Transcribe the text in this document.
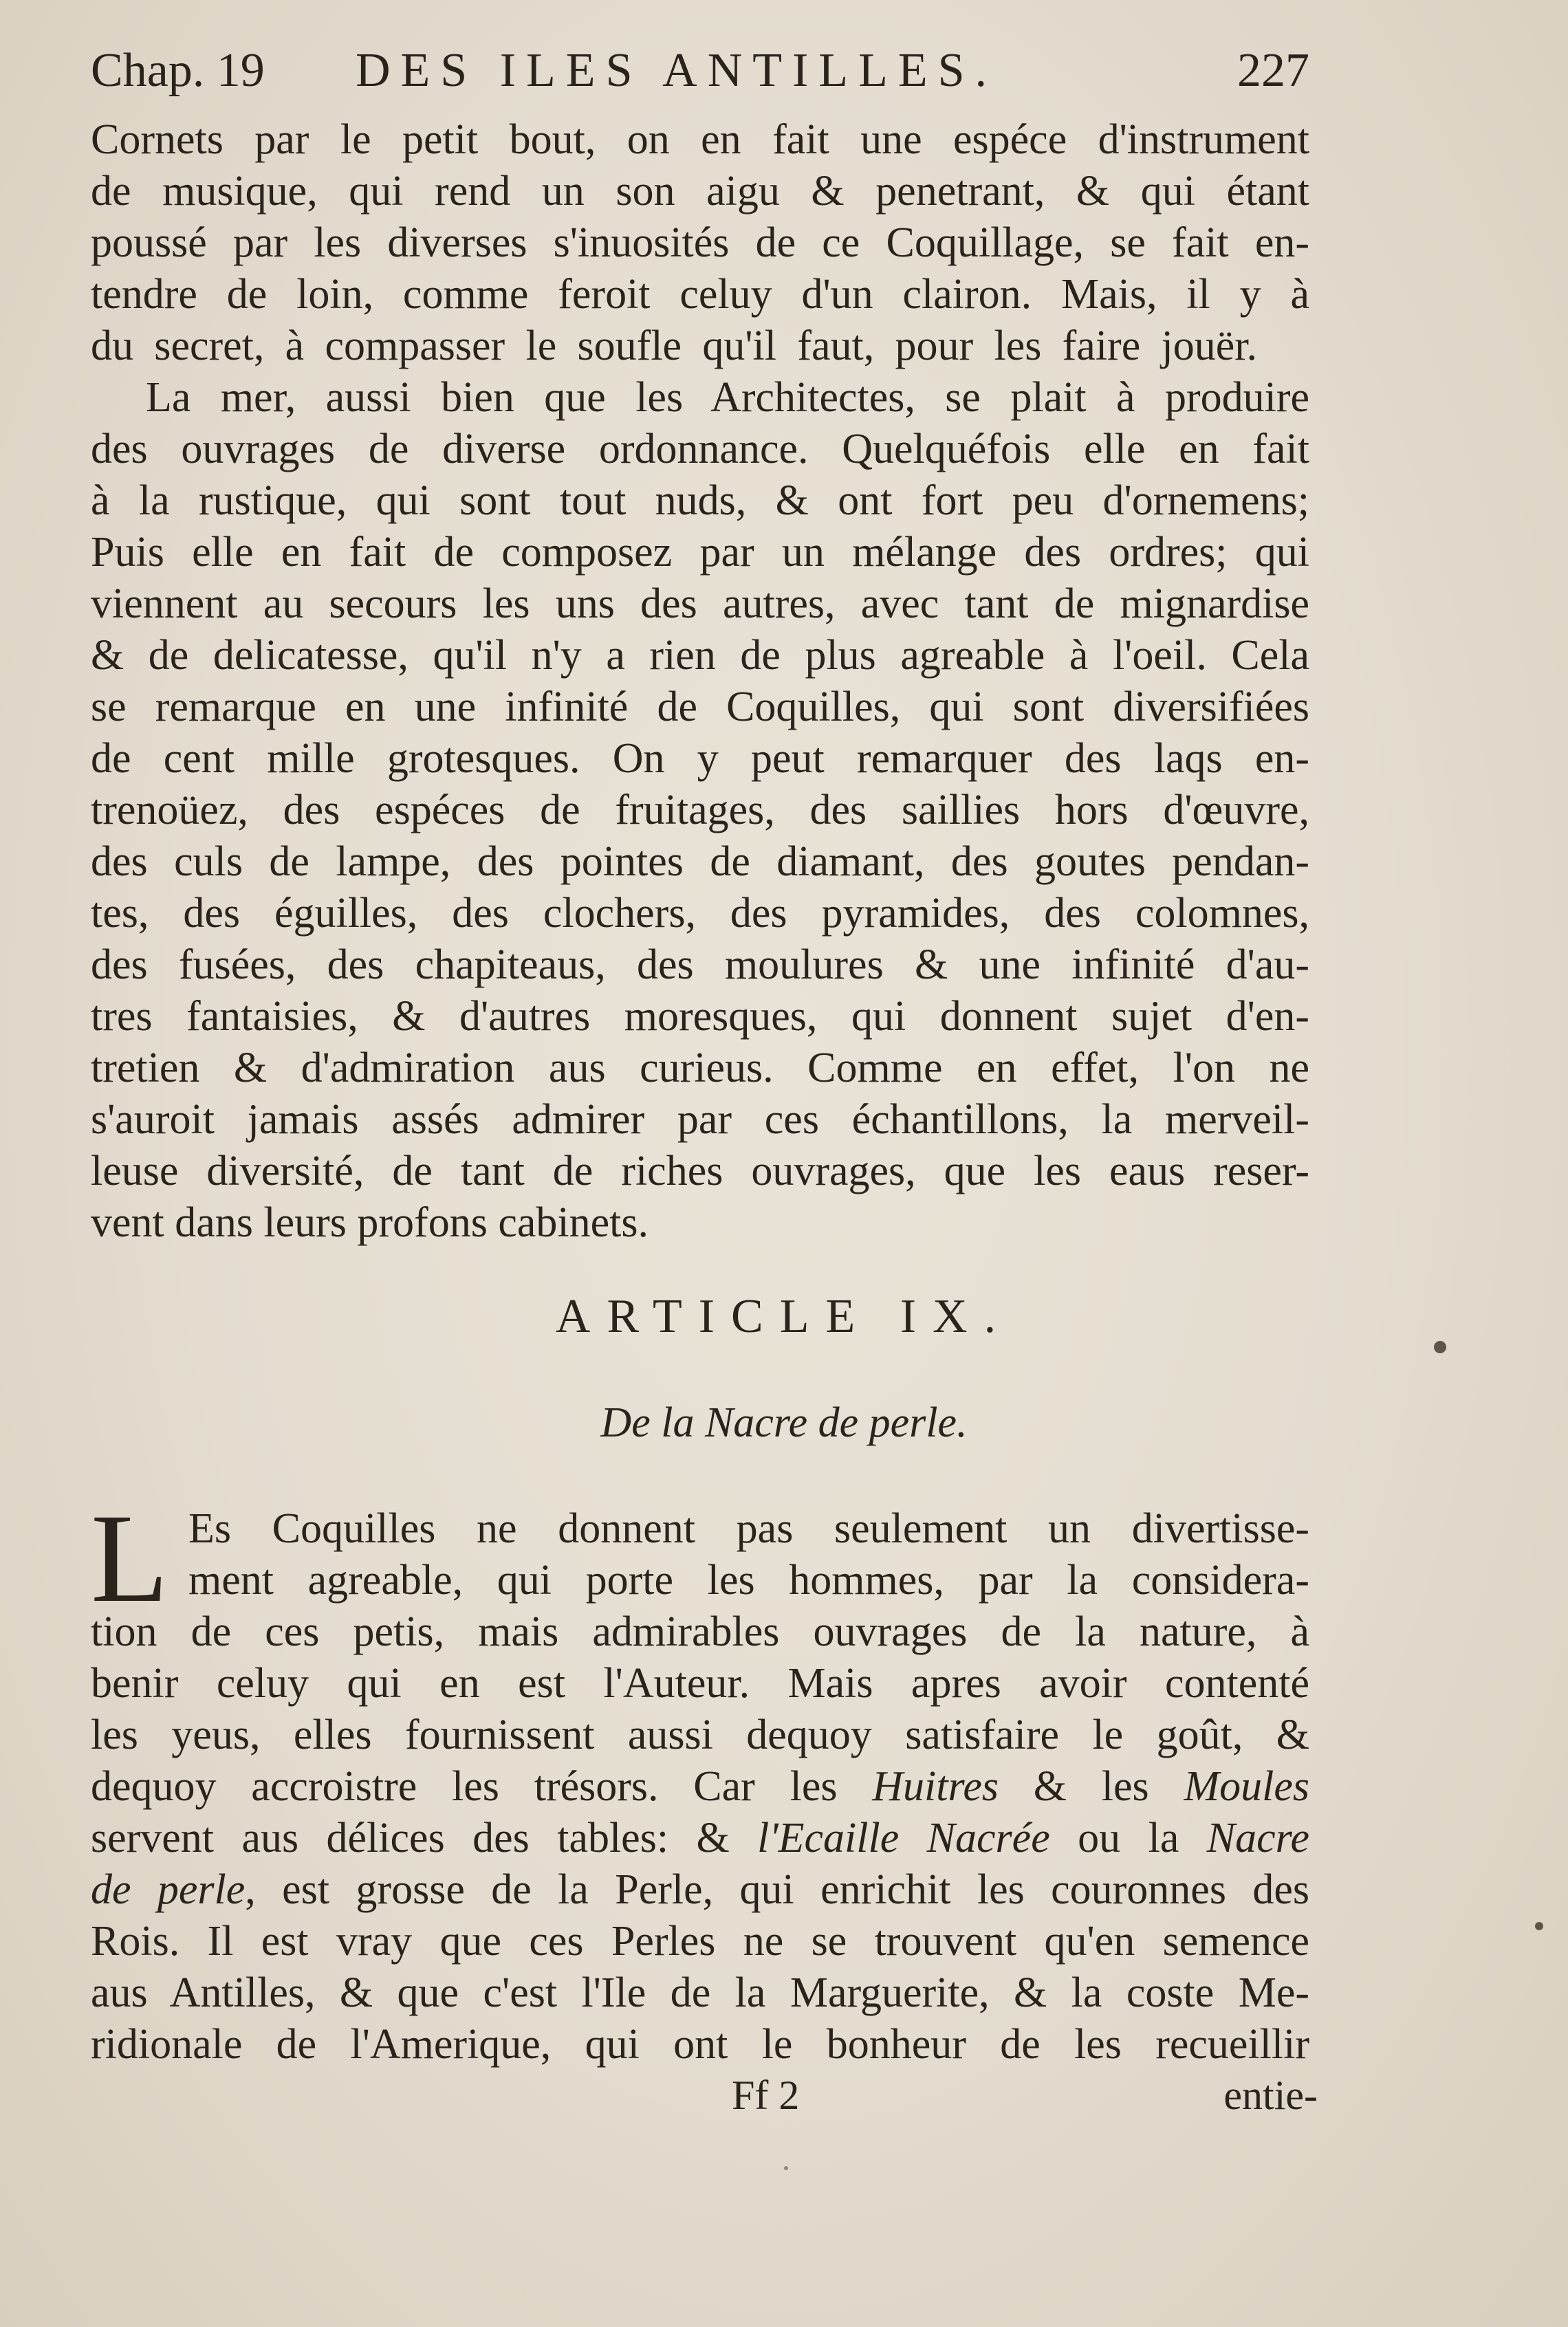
Chap. 19 DES ILES ANTILLES.	227
Cornets par le petit bout, on en fait une espéce d'instrument
de musique, qui rend un son aigu & penetrant, & qui étant
poussé par les diverses s'inuosités de ce Coquillage, se fait en-
tendre de loin, comme feroit celuy d'un clairon. Mais, il y à
du secret, à compasser le soufle qu'il faut, pour les faire jouër.
La mer, aussi bien que les Architectes, se plait à produire
des ouvrages de diverse ordonnance. Quelquéfois elle en fait
à la rustique, qui sont tout nuds, & ont fort peu d'ornemens;
Puis elle en fait de composez par un mélange des ordres; qui
viennent au secours les uns des autres, avec tant de mignardise
& de delicatesse, qu'il n'y a rien de plus agreable à l'oeil. Cela
se remarque en une infinité de Coquilles, qui sont diversifiées
de cent mille grotesques. On y peut remarquer des laqs en-
trenoüez, des espéces de fruitages, des saillies hors d'œuvre,
des culs de lampe, des pointes de diamant, des goutes pendan-
tes, des éguilles, des clochers, des pyramides, des colomnes,
des fusées, des chapiteaus, des moulures & une infinité d'au-
tres fantaisies, & d'autres moresques, qui donnent sujet d'en-
tretien & d'admiration aus curieus. Comme en effet, l'on ne
s'auroit jamais assés admirer par ces échantillons, la merveil-
leuse diversité, de tant de riches ouvrages, que les eaus reser-
vent dans leurs profons cabinets.
ARTICLE IX.
De la Nacre de perle.
L Es Coquilles ne donnent pas seulement un divertisse-
ment agreable, qui porte les hommes, par la considera-
tion de ces petis, mais admirables ouvrages de la nature, à
benir celuy qui en est l'Auteur. Mais apres avoir contenté
les yeus, elles fournissent aussi dequoy satisfaire le goût, &
dequoy accroistre les trésors. Car les Huitres & les Moules
servent aus délices des tables: & l'Ecaille Nacrée ou la Nacre
de perle, est grosse de la Perle, qui enrichit les couronnes des
Rois. Il est vray que ces Perles ne se trouvent qu'en semence
aus Antilles, & que c'est l'Ile de la Marguerite, & la coste Me-
ridionale de l'Amerique, qui ont le bonheur de les recueillir
Ff 2	entie-
